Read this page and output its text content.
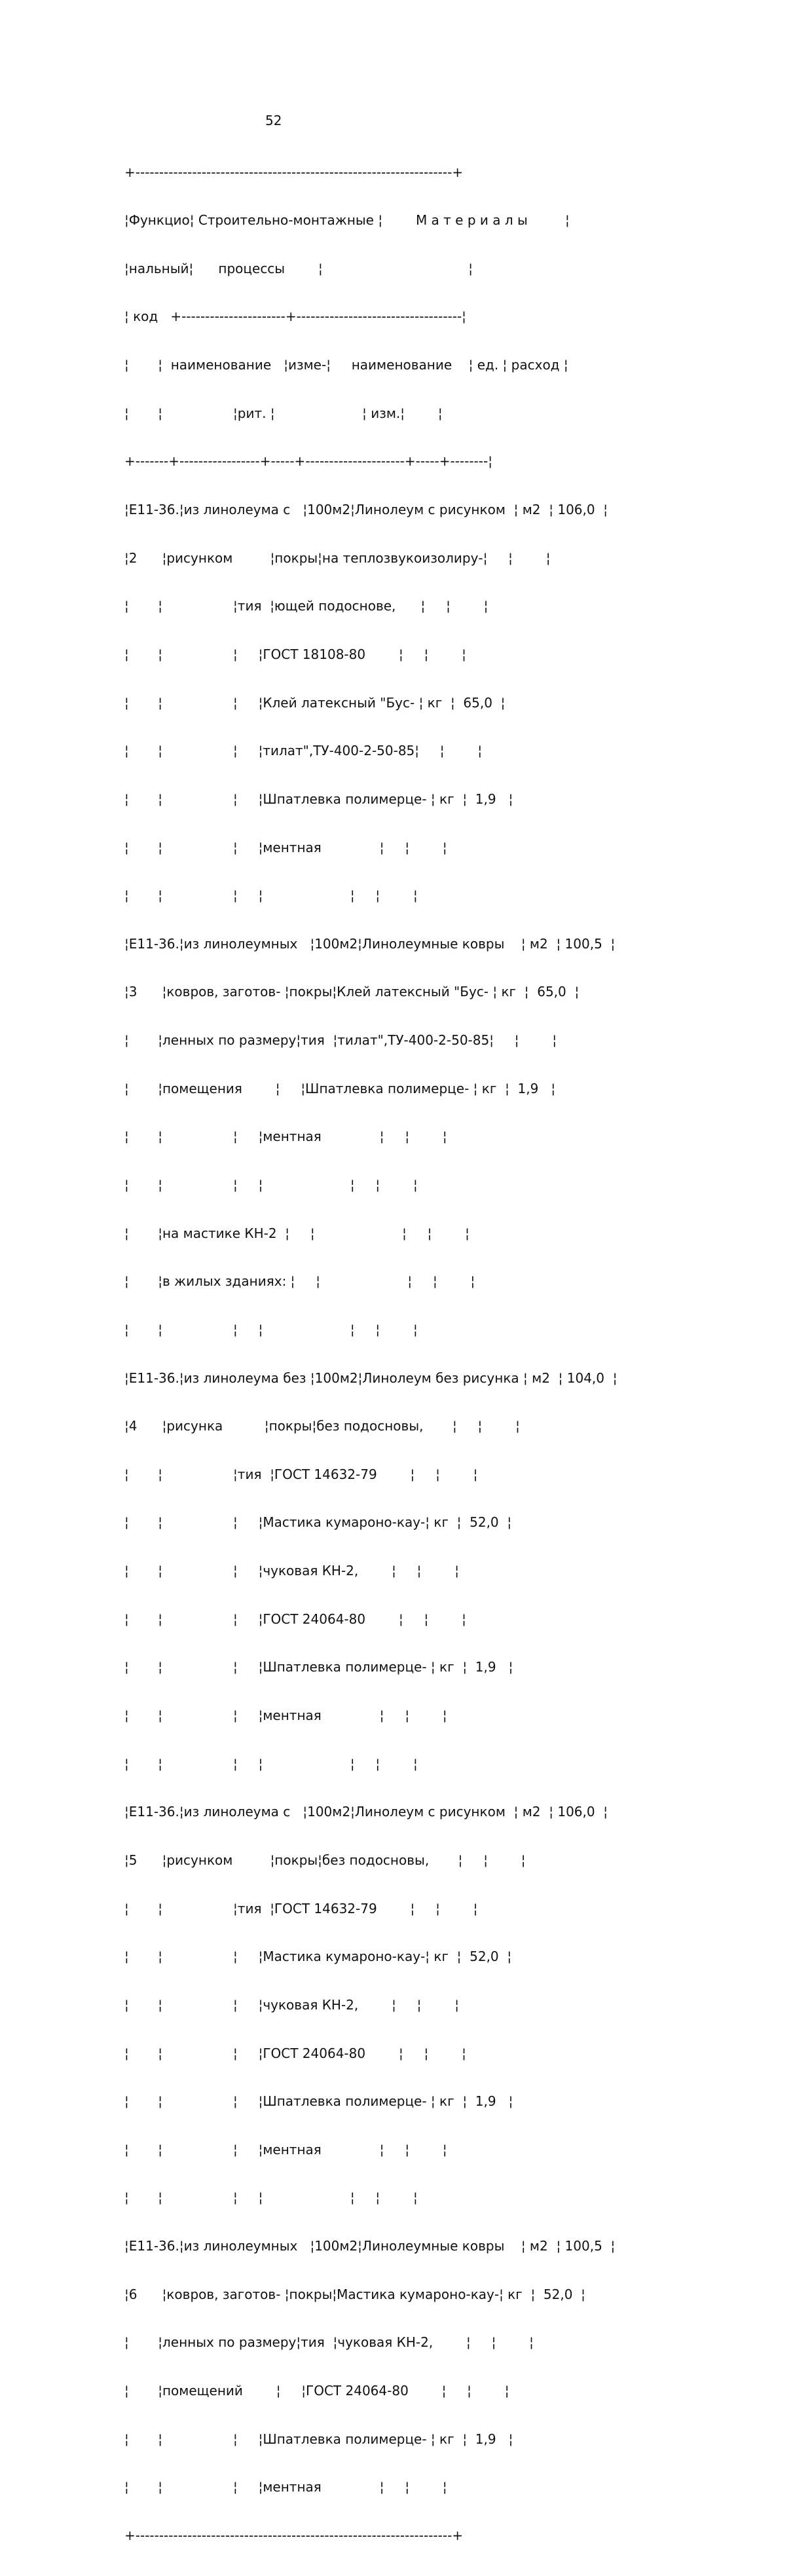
52

+-------------------------------------------------------------------+

¦Функцио¦ Строительно-монтажные ¦        М а т е р и а л ы         ¦

¦нальный¦      процессы        ¦                                   ¦

¦ код   +----------------------+-----------------------------------¦

¦       ¦  наименование   ¦изме-¦     наименование    ¦ ед. ¦ расход ¦

¦       ¦                 ¦рит. ¦                     ¦ изм.¦        ¦

+-------+-----------------+-----+---------------------+-----+--------¦

¦Е11-36.¦из линолеума с   ¦100м2¦Линолеум с рисунком  ¦ м2  ¦ 106,0  ¦

¦2      ¦рисунком         ¦покры¦на теплозвукоизолиру-¦     ¦        ¦

¦       ¦                 ¦тия  ¦ющей подоснове,      ¦     ¦        ¦

¦       ¦                 ¦     ¦ГОСТ 18108-80        ¦     ¦        ¦

¦       ¦                 ¦     ¦Клей латексный "Бус- ¦ кг  ¦  65,0  ¦

¦       ¦                 ¦     ¦тилат",ТУ-400-2-50-85¦     ¦        ¦

¦       ¦                 ¦     ¦Шпатлевка полимерце- ¦ кг  ¦  1,9   ¦

¦       ¦                 ¦     ¦ментная              ¦     ¦        ¦

¦       ¦                 ¦     ¦                     ¦     ¦        ¦

¦Е11-36.¦из линолеумных   ¦100м2¦Линолеумные ковры    ¦ м2  ¦ 100,5  ¦

¦3      ¦ковров, заготов- ¦покры¦Клей латексный "Бус- ¦ кг  ¦  65,0  ¦

¦       ¦ленных по размеру¦тия  ¦тилат",ТУ-400-2-50-85¦     ¦        ¦

¦       ¦помещения        ¦     ¦Шпатлевка полимерце- ¦ кг  ¦  1,9   ¦

¦       ¦                 ¦     ¦ментная              ¦     ¦        ¦

¦       ¦                 ¦     ¦                     ¦     ¦        ¦

¦       ¦на мастике КН-2  ¦     ¦                     ¦     ¦        ¦

¦       ¦в жилых зданиях: ¦     ¦                     ¦     ¦        ¦

¦       ¦                 ¦     ¦                     ¦     ¦        ¦

¦Е11-36.¦из линолеума без ¦100м2¦Линолеум без рисунка ¦ м2  ¦ 104,0  ¦

¦4      ¦рисунка          ¦покры¦без подосновы,       ¦     ¦        ¦

¦       ¦                 ¦тия  ¦ГОСТ 14632-79        ¦     ¦        ¦

¦       ¦                 ¦     ¦Мастика кумароно-кау-¦ кг  ¦  52,0  ¦

¦       ¦                 ¦     ¦чуковая КН-2,        ¦     ¦        ¦

¦       ¦                 ¦     ¦ГОСТ 24064-80        ¦     ¦        ¦

¦       ¦                 ¦     ¦Шпатлевка полимерце- ¦ кг  ¦  1,9   ¦

¦       ¦                 ¦     ¦ментная              ¦     ¦        ¦

¦       ¦                 ¦     ¦                     ¦     ¦        ¦

¦Е11-36.¦из линолеума с   ¦100м2¦Линолеум с рисунком  ¦ м2  ¦ 106,0  ¦

¦5      ¦рисунком         ¦покры¦без подосновы,       ¦     ¦        ¦

¦       ¦                 ¦тия  ¦ГОСТ 14632-79        ¦     ¦        ¦

¦       ¦                 ¦     ¦Мастика кумароно-кау-¦ кг  ¦  52,0  ¦

¦       ¦                 ¦     ¦чуковая КН-2,        ¦     ¦        ¦

¦       ¦                 ¦     ¦ГОСТ 24064-80        ¦     ¦        ¦

¦       ¦                 ¦     ¦Шпатлевка полимерце- ¦ кг  ¦  1,9   ¦

¦       ¦                 ¦     ¦ментная              ¦     ¦        ¦

¦       ¦                 ¦     ¦                     ¦     ¦        ¦

¦Е11-36.¦из линолеумных   ¦100м2¦Линолеумные ковры    ¦ м2  ¦ 100,5  ¦

¦6      ¦ковров, заготов- ¦покры¦Мастика кумароно-кау-¦ кг  ¦  52,0  ¦

¦       ¦ленных по размеру¦тия  ¦чуковая КН-2,        ¦     ¦        ¦

¦       ¦помещений        ¦     ¦ГОСТ 24064-80        ¦     ¦        ¦

¦       ¦                 ¦     ¦Шпатлевка полимерце- ¦ кг  ¦  1,9   ¦

¦       ¦                 ¦     ¦ментная              ¦     ¦        ¦

+-------------------------------------------------------------------+
